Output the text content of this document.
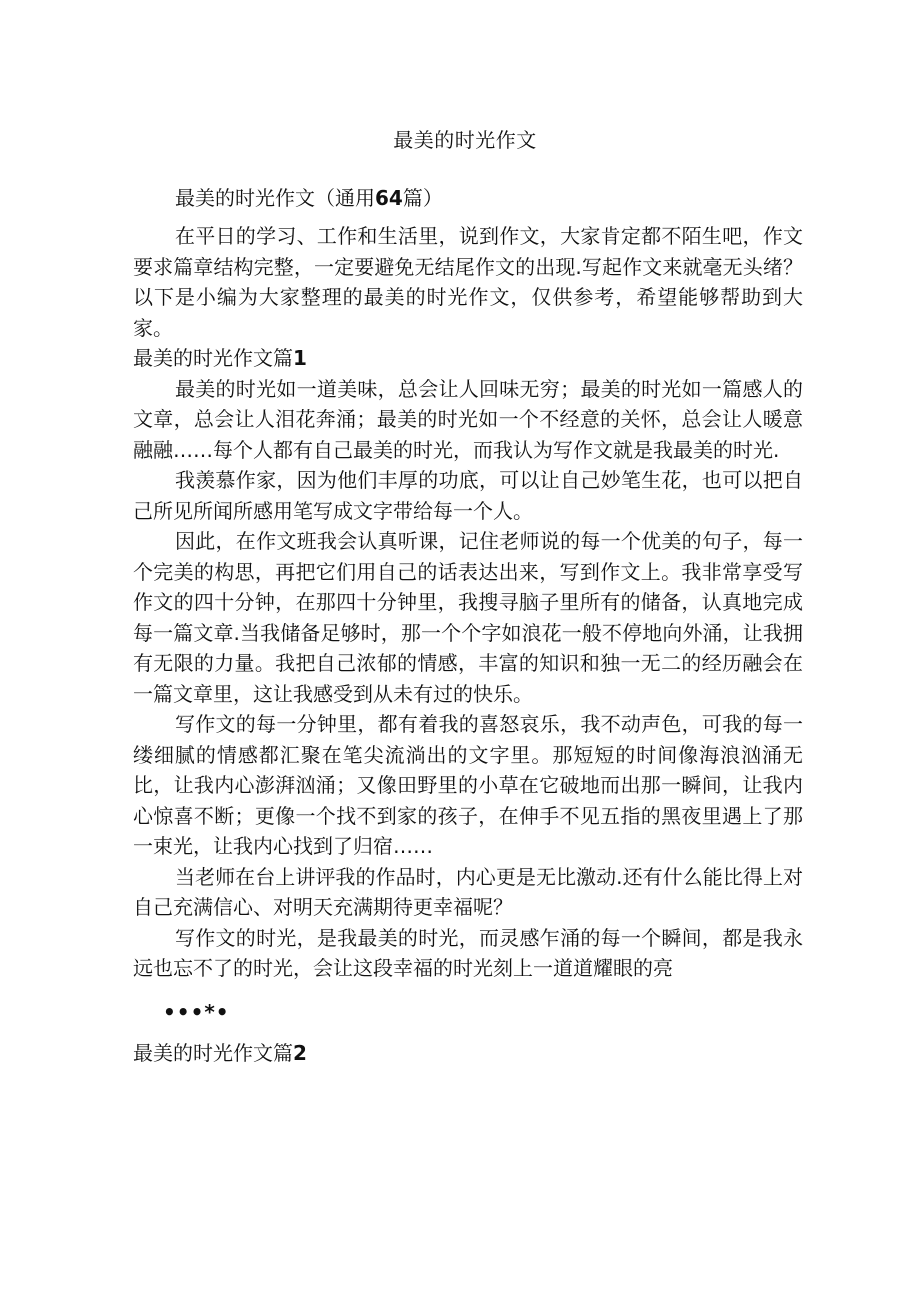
最美的时光作文
最美的时光作文（通用64篇）

在平日的学习、工作和生活里，说到作文，大家肯定都不陌生吧，作文要求篇章结构完整，一定要避免无结尾作文的出现.写起作文来就毫无头绪？以下是小编为大家整理的最美的时光作文，仅供参考，希望能够帮助到大家。

最美的时光作文篇1

最美的时光如一道美味，总会让人回味无穷；最美的时光如一篇感人的文章，总会让人泪花奔涌；最美的时光如一个不经意的关怀，总会让人暖意融融……每个人都有自己最美的时光，而我认为写作文就是我最美的时光.

我羡慕作家，因为他们丰厚的功底，可以让自己妙笔生花，也可以把自己所见所闻所感用笔写成文字带给每一个人。

因此，在作文班我会认真听课，记住老师说的每一个优美的句子，每一个完美的构思，再把它们用自己的话表达出来，写到作文上。我非常享受写作文的四十分钟，在那四十分钟里，我搜寻脑子里所有的储备，认真地完成每一篇文章.当我储备足够时，那一个个字如浪花一般不停地向外涌，让我拥有无限的力量。我把自己浓郁的情感，丰富的知识和独一无二的经历融会在一篇文章里，这让我感受到从未有过的快乐。

写作文的每一分钟里，都有着我的喜怒哀乐，我不动声色，可我的每一缕细腻的情感都汇聚在笔尖流淌出的文字里。那短短的时间像海浪汹涌无比，让我内心澎湃汹涌；又像田野里的小草在它破地而出那一瞬间，让我内心惊喜不断；更像一个找不到家的孩子，在伸手不见五指的黑夜里遇上了那一束光，让我内心找到了归宿……

当老师在台上讲评我的作品时，内心更是无比激动.还有什么能比得上对自己充满信心、对明天充满期待更幸福呢？

写作文的时光，是我最美的时光，而灵感乍涌的每一个瞬间，都是我永远也忘不了的时光，会让这段幸福的时光刻上一道道耀眼的亮

•••*•
最美的时光作文篇2
